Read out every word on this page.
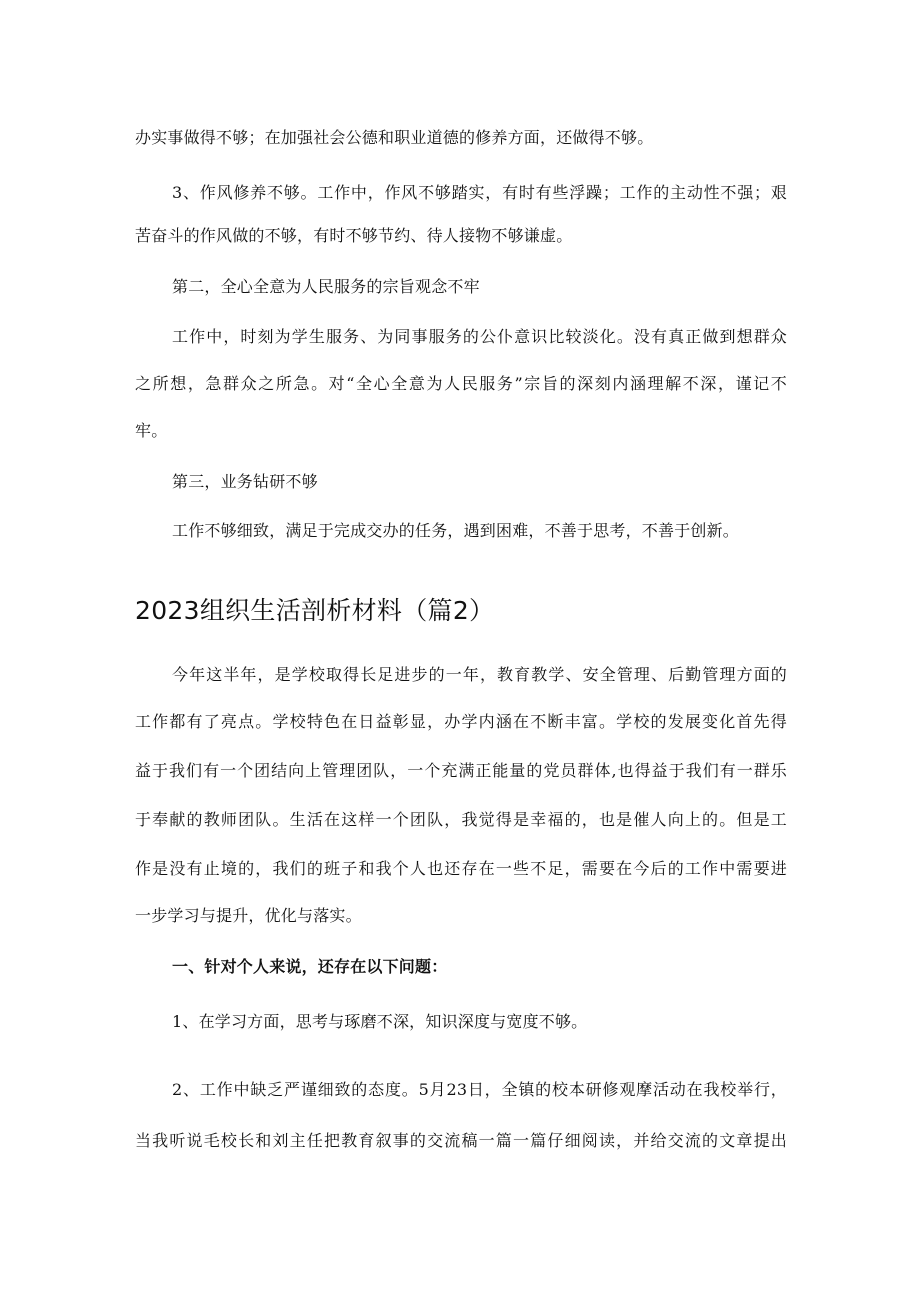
办实事做得不够；在加强社会公德和职业道德的修养方面，还做得不够。
3、作风修养不够。工作中，作风不够踏实，有时有些浮躁；工作的主动性不强；艰
苦奋斗的作风做的不够，有时不够节约、待人接物不够谦虚。
第二，全心全意为人民服务的宗旨观念不牢
工作中，时刻为学生服务、为同事服务的公仆意识比较淡化。没有真正做到想群众
之所想，急群众之所急。对“全心全意为人民服务”宗旨的深刻内涵理解不深，谨记不
牢。
第三，业务钻研不够
工作不够细致，满足于完成交办的任务，遇到困难，不善于思考，不善于创新。
2023组织生活剖析材料（篇2）
今年这半年，是学校取得长足进步的一年，教育教学、安全管理、后勤管理方面的
工作都有了亮点。学校特色在日益彰显，办学内涵在不断丰富。学校的发展变化首先得
益于我们有一个团结向上管理团队，一个充满正能量的党员群体,也得益于我们有一群乐
于奉献的教师团队。生活在这样一个团队，我觉得是幸福的，也是催人向上的。但是工
作是没有止境的，我们的班子和我个人也还存在一些不足，需要在今后的工作中需要进
一步学习与提升，优化与落实。
一、针对个人来说，还存在以下问题：
1、在学习方面，思考与琢磨不深，知识深度与宽度不够。
2、工作中缺乏严谨细致的态度。5月23日，全镇的校本研修观摩活动在我校举行，
当我听说毛校长和刘主任把教育叙事的交流稿一篇一篇仔细阅读，并给交流的文章提出
